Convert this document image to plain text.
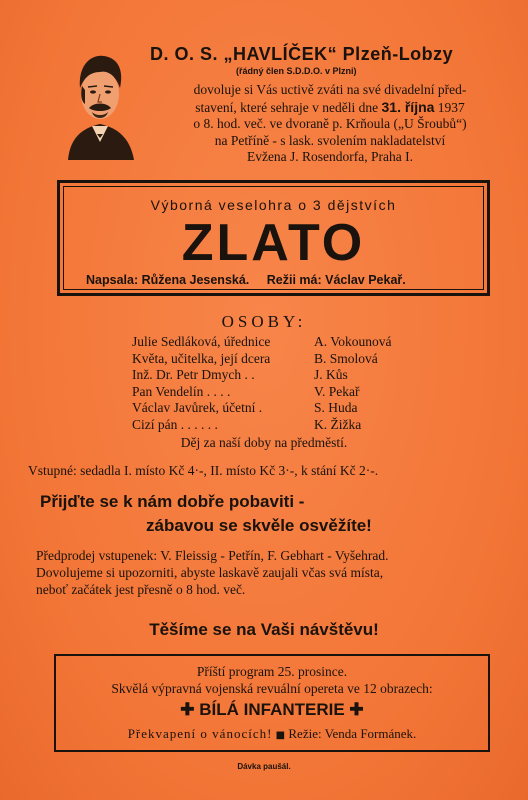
D. O. S. „HAVLÍČEK“ Plzeň-Lobzy
(řádný člen S.D.D.O. v Plzni)
dovoluje si Vás uctivě zváti na své divadelní před-
stavení, které sehraje v neděli dne 31. října 1937
o 8. hod. več. ve dvoraně p. Krňoula („U Šroubů“)
na Petříně - s lask. svolením nakladatelství
Evžena J. Rosendorfa, Praha I.
Výborná veselohra o 3 dějstvích
ZLATO
Napsala: Růžena Jesenská. Režii má: Václav Pekař.
OSOBY:
Julie Sedláková, úřednice	A. Vokounová
Květa, učitelka, její dcera	B. Smolová
Inž. Dr. Petr Dmych . .	J. Kůs
Pan Vendelín . . . .	V. Pekař
Václav Javůrek, účetní .	S. Huda
Cizí pán . . . . . .	K. Žižka
Děj za naší doby na předměstí.
Vstupné: sedadla I. místo Kč 4·-, II. místo Kč 3·-, k stání Kč 2·-.
Přijďte se k nám dobře pobaviti -
zábavou se skvěle osvěžíte!
Předprodej vstupenek: V. Fleissig - Petřín, F. Gebhart - Vyšehrad.
Dovolujeme si upozorniti, abyste laskavě zaujali včas svá místa,
neboť začátek jest přesně o 8 hod. več.
Těšíme se na Vaši návštěvu!
Příští program 25. prosince.
Skvělá výpravná vojenská revuální opereta ve 12 obrazech:
✚ BÍLÁ INFANTERIE ✚
Překvapení o vánocích! ■ Režie: Venda Formánek.
Dávka paušál.
